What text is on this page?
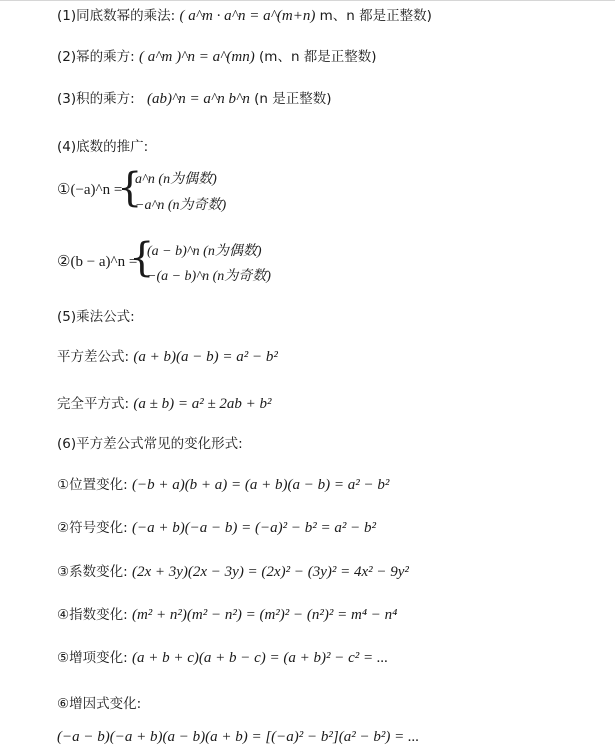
(1)同底数幂的乘法: ( a^m · a^n = a^(m+n) m、n 都是正整数)
(2)幂的乘方: ( a^m )^n = a^(mn) (m、n 都是正整数)
(3)积的乘方: (ab)^n = a^n b^n (n 是正整数)
(4)底数的推广:
①(−a)^n =
{
a^n (n为偶数)
−a^n (n为奇数)
②(b − a)^n =
{
(a − b)^n (n为偶数)
−(a − b)^n (n为奇数)
(5)乘法公式:
平方差公式: (a + b)(a − b) = a² − b²
完全平方式: (a ± b) = a² ± 2ab + b²
(6)平方差公式常见的变化形式:
①位置变化: (−b + a)(b + a) = (a + b)(a − b) = a² − b²
②符号变化: (−a + b)(−a − b) = (−a)² − b² = a² − b²
③系数变化: (2x + 3y)(2x − 3y) = (2x)² − (3y)² = 4x² − 9y²
④指数变化: (m² + n²)(m² − n²) = (m²)² − (n²)² = m⁴ − n⁴
⑤增项变化: (a + b + c)(a + b − c) = (a + b)² − c² = ...
⑥增因式变化:
(−a − b)(−a + b)(a − b)(a + b) = [(−a)² − b²](a² − b²) = ...
